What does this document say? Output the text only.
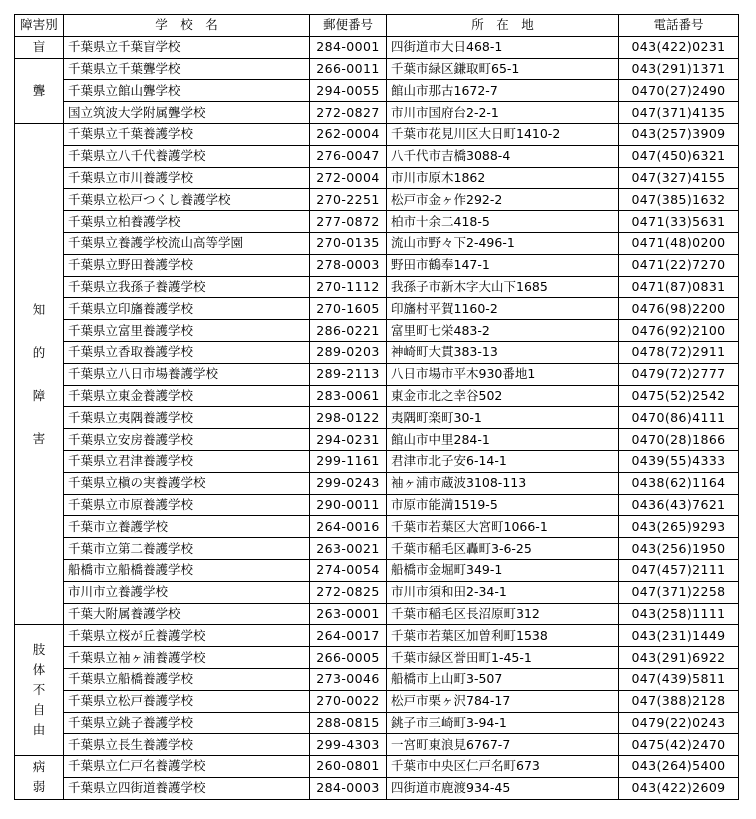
障害別	学　校　名	郵便番号	所　在　地	電話番号

盲	千葉県立千葉盲学校	284-0001	四街道市大日468-1	043(422)0231

聾	千葉県立千葉聾学校	266-0011	千葉市緑区鎌取町65-1	043(291)1371
	千葉県立館山聾学校	294-0055	館山市那古1672-7	0470(27)2490
	国立筑波大学附属聾学校	272-0827	市川市国府台2-2-1	047(371)4135

知
的
障
害	千葉県立千葉養護学校	262-0004	千葉市花見川区大日町1410-2	043(257)3909
	千葉県立八千代養護学校	276-0047	八千代市吉橋3088-4	047(450)6321
	千葉県立市川養護学校	272-0004	市川市原木1862	047(327)4155
	千葉県立松戸つくし養護学校	270-2251	松戸市金ヶ作292-2	047(385)1632
	千葉県立柏養護学校	277-0872	柏市十余二418-5	0471(33)5631
	千葉県立養護学校流山高等学園	270-0135	流山市野々下2-496-1	0471(48)0200
	千葉県立野田養護学校	278-0003	野田市鶴奉147-1	0471(22)7270
	千葉県立我孫子養護学校	270-1112	我孫子市新木字大山下1685	0471(87)0831
	千葉県立印旛養護学校	270-1605	印旛村平賀1160-2	0476(98)2200
	千葉県立富里養護学校	286-0221	富里町七栄483-2	0476(92)2100
	千葉県立香取養護学校	289-0203	神崎町大貫383-13	0478(72)2911
	千葉県立八日市場養護学校	289-2113	八日市場市平木930番地1	0479(72)2777
	千葉県立東金養護学校	283-0061	東金市北之幸谷502	0475(52)2542
	千葉県立夷隅養護学校	298-0122	夷隅町楽町30-1	0470(86)4111
	千葉県立安房養護学校	294-0231	館山市中里284-1	0470(28)1866
	千葉県立君津養護学校	299-1161	君津市北子安6-14-1	0439(55)4333
	千葉県立槇の実養護学校	299-0243	袖ヶ浦市蔵波3108-113	0438(62)1164
	千葉県立市原養護学校	290-0011	市原市能満1519-5	0436(43)7621
	千葉市立養護学校	264-0016	千葉市若葉区大宮町1066-1	043(265)9293
	千葉市立第二養護学校	263-0021	千葉市稲毛区轟町3-6-25	043(256)1950
	船橋市立船橋養護学校	274-0054	船橋市金堀町349-1	047(457)2111
	市川市立養護学校	272-0825	市川市須和田2-34-1	047(371)2258
	千葉大附属養護学校	263-0001	千葉市稲毛区長沼原町312	043(258)1111

肢
体
不
自
由	千葉県立桜が丘養護学校	264-0017	千葉市若葉区加曽利町1538	043(231)1449
	千葉県立袖ヶ浦養護学校	266-0005	千葉市緑区誉田町1-45-1	043(291)6922
	千葉県立船橋養護学校	273-0046	船橋市上山町3-507	047(439)5811
	千葉県立松戸養護学校	270-0022	松戸市栗ヶ沢784-17	047(388)2128
	千葉県立銚子養護学校	288-0815	銚子市三崎町3-94-1	0479(22)0243
	千葉県立長生養護学校	299-4303	一宮町東浪見6767-7	0475(42)2470

病
弱	千葉県立仁戸名養護学校	260-0801	千葉市中央区仁戸名町673	043(264)5400
	千葉県立四街道養護学校	284-0003	四街道市鹿渡934-45	043(422)2609
